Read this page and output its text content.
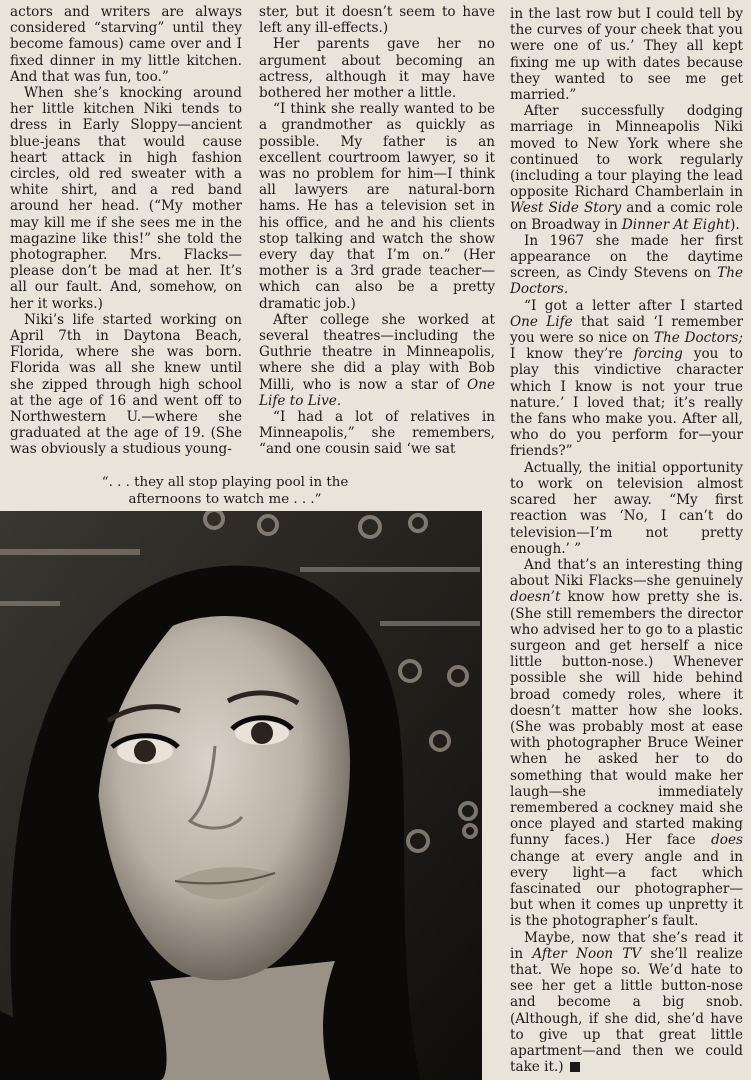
actors and writers are always considered “starving” until they become famous) came over and I fixed dinner in my little kitchen. And that was fun, too.”

When she’s knocking around her little kitchen Niki tends to dress in Early Sloppy—ancient blue-jeans that would cause heart attack in high fashion circles, old red sweater with a white shirt, and a red band around her head. (“My mother may kill me if she sees me in the magazine like this!” she told the photographer. Mrs. Flacks—please don’t be mad at her. It’s all our fault. And, somehow, on her it works.)

Niki’s life started working on April 7th in Daytona Beach, Florida, where she was born. Florida was all she knew until she zipped through high school at the age of 16 and went off to Northwestern U.—where she graduated at the age of 19. (She was obviously a studious young-

ster, but it doesn’t seem to have left any ill-effects.)

Her parents gave her no argument about becoming an actress, although it may have bothered her mother a little.

“I think she really wanted to be a grandmother as quickly as possible. My father is an excellent courtroom lawyer, so it was no problem for him—I think all lawyers are natural-born hams. He has a television set in his office, and he and his clients stop talking and watch the show every day that I’m on.” (Her mother is a 3rd grade teacher—which can also be a pretty dramatic job.)

After college she worked at several theatres—including the Guthrie theatre in Minneapolis, where she did a play with Bob Milli, who is now a star of One Life to Live.

“I had a lot of relatives in Minneapolis,” she remembers, “and one cousin said ‘we sat

“. . . they all stop playing pool in the
afternoons to watch me . . .”

in the last row but I could tell by the curves of your cheek that you were one of us.’ They all kept fixing me up with dates because they wanted to see me get married.”

After successfully dodging marriage in Minneapolis Niki moved to New York where she continued to work regularly (including a tour playing the lead opposite Richard Chamberlain in West Side Story and a comic role on Broadway in Dinner At Eight).

In 1967 she made her first appearance on the daytime screen, as Cindy Stevens on The Doctors.

“I got a letter after I started One Life that said ‘I remember you were so nice on The Doctors; I know they’re forcing you to play this vindictive character which I know is not your true nature.’ I loved that; it’s really the fans who make you. After all, who do you perform for—your friends?”

Actually, the initial opportunity to work on television almost scared her away. “My first reaction was ‘No, I can’t do television—I’m not pretty enough.’ ”

And that’s an interesting thing about Niki Flacks—she genuinely doesn’t know how pretty she is. (She still remembers the director who advised her to go to a plastic surgeon and get herself a nice little button-nose.) Whenever possible she will hide behind broad comedy roles, where it doesn’t matter how she looks. (She was probably most at ease with photographer Bruce Weiner when he asked her to do something that would make her laugh—she immediately remembered a cockney maid she once played and started making funny faces.) Her face does change at every angle and in every light—a fact which fascinated our photographer—but when it comes up unpretty it is the photographer’s fault.

Maybe, now that she’s read it in After Noon TV she’ll realize that. We hope so. We’d hate to see her get a little button-nose and become a big snob. (Although, if she did, she’d have to give up that great little apartment—and then we could take it.)
